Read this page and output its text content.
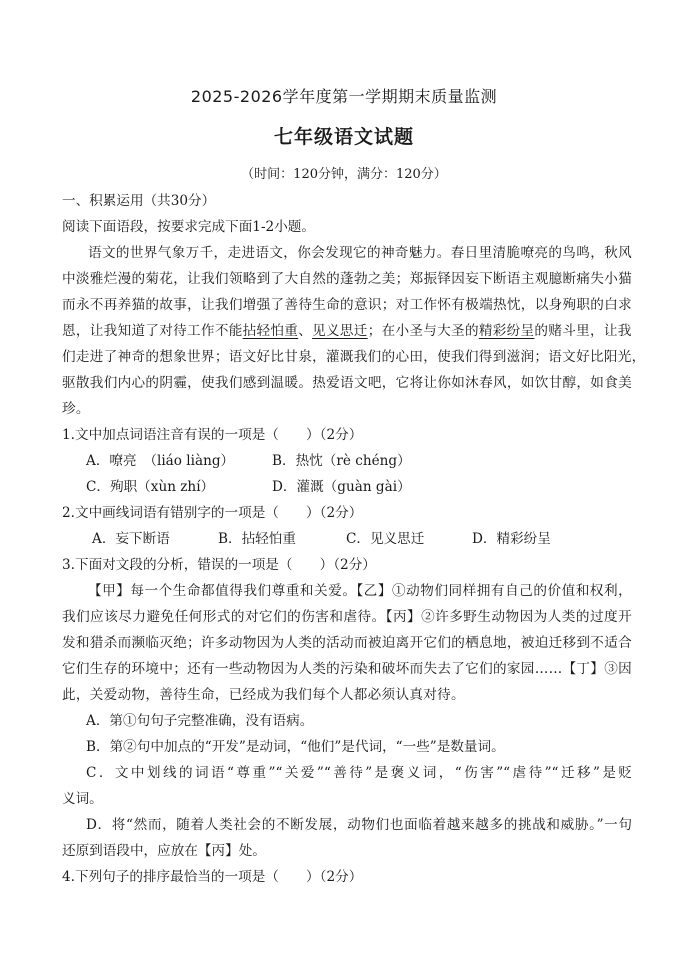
2025-2026学年度第一学期期末质量监测
七年级语文试题
（时间：120分钟，满分：120分）
一、积累运用（共30分）
阅读下面语段，按要求完成下面1-2小题。
语文的世界气象万千，走进语文，你会发现它的神奇魅力。春日里清脆嘹亮的鸟鸣，秋风
中淡雅烂漫的菊花，让我们领略到了大自然的蓬勃之美；郑振铎因妄下断语主观臆断痛失小猫
而永不再养猫的故事，让我们增强了善待生命的意识；对工作怀有极端热忱，以身殉职的白求
恩，让我知道了对待工作不能拈轻怕重、见义思迁；在小圣与大圣的精彩纷呈的赌斗里，让我
们走进了神奇的想象世界；语文好比甘泉，灌溉我们的心田，使我们得到滋润；语文好比阳光，
驱散我们内心的阴霾，使我们感到温暖。热爱语文吧，它将让你如沐春风，如饮甘醇，如食美
珍。
1.文中加点词语注音有误的一项是（　　）（2分）
A．嘹亮　（liáo liàng）	B．热忱（rè chéng）
C．殉职（xùn zhí）	D．灌溉（guàn gài）
2.文中画线词语有错别字的一项是（　　）（2分）
A．妄下断语	B．拈轻怕重	C．见义思迁	D．精彩纷呈
3.下面对文段的分析，错误的一项是（　　）（2分）
【甲】每一个生命都值得我们尊重和关爱。【乙】①动物们同样拥有自己的价值和权利，
我们应该尽力避免任何形式的对它们的伤害和虐待。【丙】②许多野生动物因为人类的过度开
发和猎杀而濒临灭绝；许多动物因为人类的活动而被迫离开它们的栖息地，被迫迁移到不适合
它们生存的环境中；还有一些动物因为人类的污染和破坏而失去了它们的家园……【丁】③因
此，关爱动物，善待生命，已经成为我们每个人都必须认真对待。
A．第①句句子完整准确，没有语病。
B．第②句中加点的“开发”是动词，“他们”是代词，“一些”是数量词。
C．文中划线的词语“尊重”“关爱”“善待”是褒义词，“伤害”“虐待”“迁移”是贬
义词。
D．将“然而，随着人类社会的不断发展，动物们也面临着越来越多的挑战和威胁。”一句
还原到语段中，应放在【丙】处。
4.下列句子的排序最恰当的一项是（　　）（2分）
